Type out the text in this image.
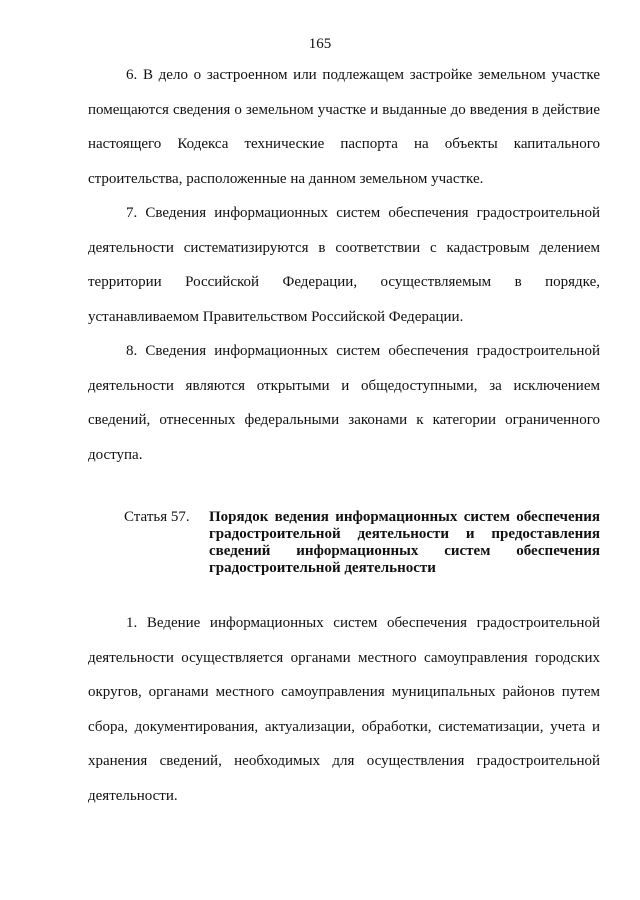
165

6. В дело о застроенном или подлежащем застройке земельном участке помещаются сведения о земельном участке и выданные до введения в действие настоящего Кодекса технические паспорта на объекты капитального строительства, расположенные на данном земельном участке.

7. Сведения информационных систем обеспечения градостроительной деятельности систематизируются в соответствии с кадастровым делением территории Российской Федерации, осуществляемым в порядке, устанавливаемом Правительством Российской Федерации.

8. Сведения информационных систем обеспечения градостроительной деятельности являются открытыми и общедоступными, за исключением сведений, отнесенных федеральными законами к категории ограниченного доступа.

Статья 57.	Порядок ведения информационных систем обеспечения градостроительной деятельности и предоставления сведений информационных систем обеспечения градостроительной деятельности

1. Ведение информационных систем обеспечения градостроительной деятельности осуществляется органами местного самоуправления городских округов, органами местного самоуправления муниципальных районов путем сбора, документирования, актуализации, обработки, систематизации, учета и хранения сведений, необходимых для осуществления градостроительной деятельности.
